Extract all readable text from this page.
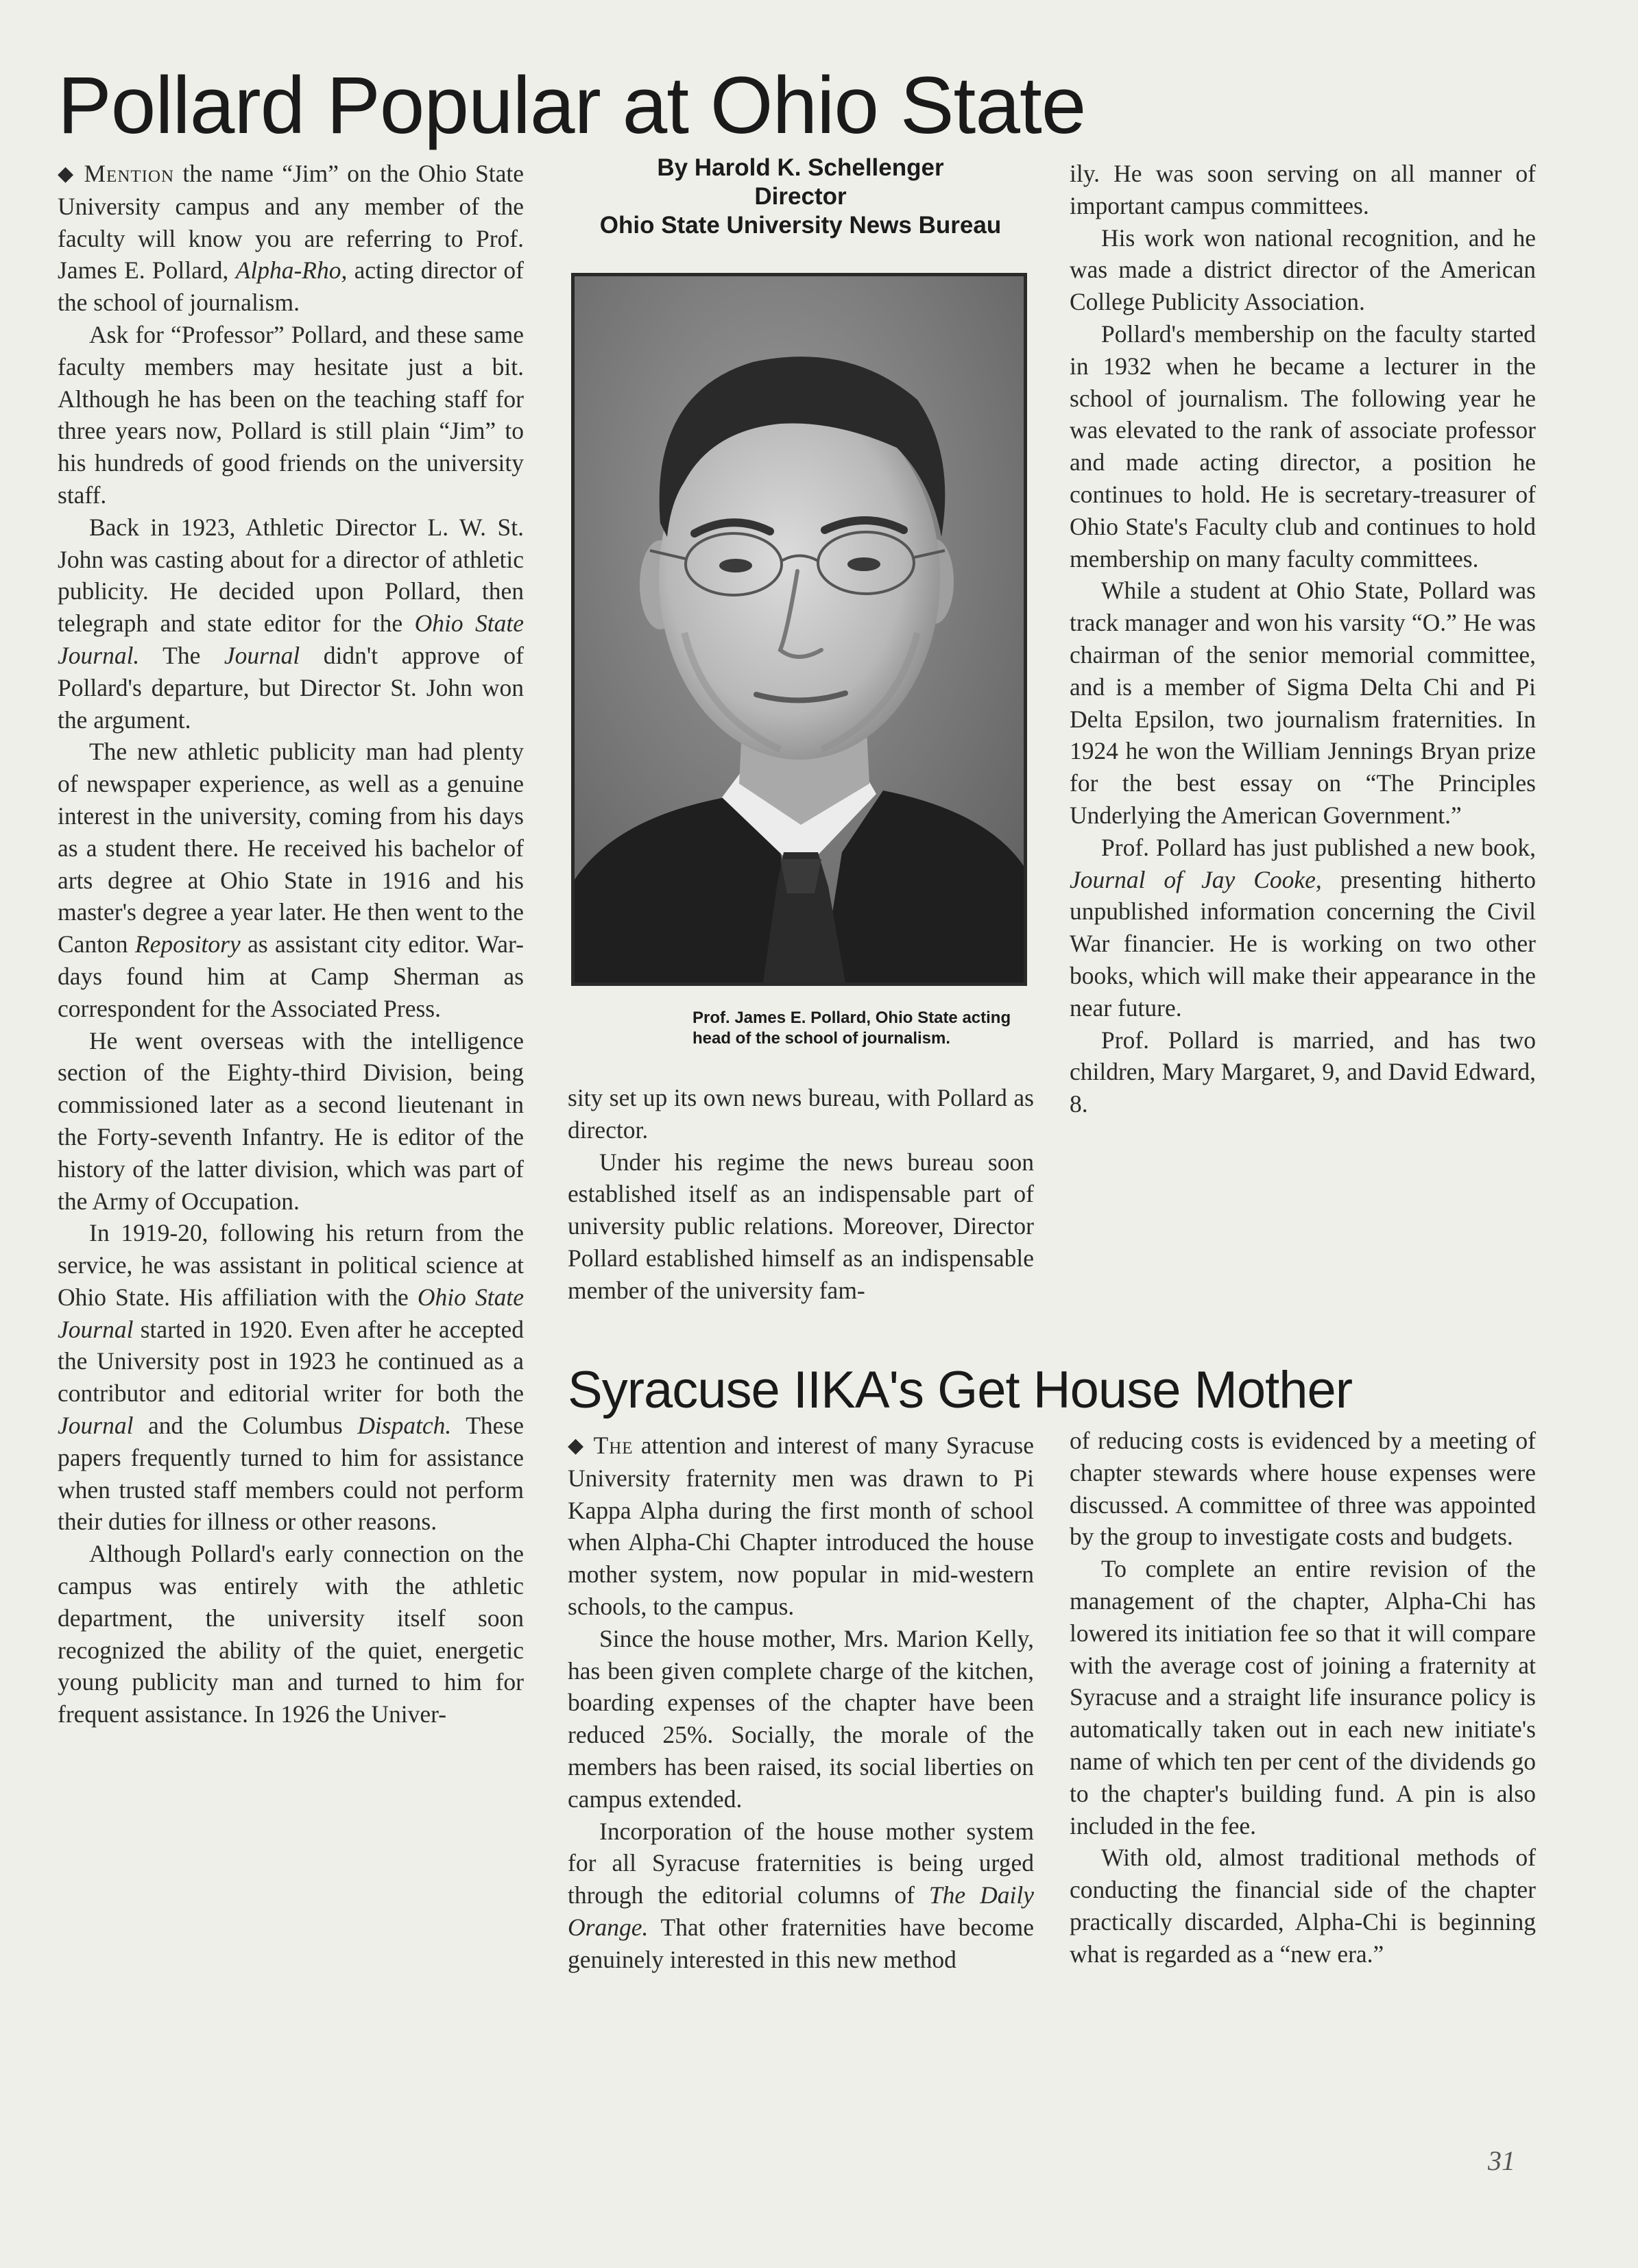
Pollard Popular at Ohio State

◆ Mention the name “Jim” on the Ohio State University campus and any member of the faculty will know you are referring to Prof. James E. Pollard, Alpha-Rho, acting director of the school of journalism.

Ask for “Professor” Pollard, and these same faculty members may hesitate just a bit. Although he has been on the teaching staff for three years now, Pollard is still plain “Jim” to his hundreds of good friends on the university staff.

Back in 1923, Athletic Director L. W. St. John was casting about for a director of athletic publicity. He decided upon Pollard, then telegraph and state editor for the Ohio State Journal. The Journal didn't approve of Pollard's departure, but Director St. John won the argument.

The new athletic publicity man had plenty of newspaper experience, as well as a genuine interest in the university, coming from his days as a student there. He received his bachelor of arts degree at Ohio State in 1916 and his master's degree a year later. He then went to the Canton Repository as assistant city editor. War-days found him at Camp Sherman as correspondent for the Associated Press.

He went overseas with the intelligence section of the Eighty-third Division, being commissioned later as a second lieutenant in the Forty-seventh Infantry. He is editor of the history of the latter division, which was part of the Army of Occupation.

In 1919-20, following his return from the service, he was assistant in political science at Ohio State. His affiliation with the Ohio State Journal started in 1920. Even after he accepted the University post in 1923 he continued as a contributor and editorial writer for both the Journal and the Columbus Dispatch. These papers frequently turned to him for assistance when trusted staff members could not perform their duties for illness or other reasons.

Although Pollard's early connection on the campus was entirely with the athletic department, the university itself soon recognized the ability of the quiet, energetic young publicity man and turned to him for frequent assistance. In 1926 the Univer-

By Harold K. Schellenger
Director
Ohio State University News Bureau
Prof. James E. Pollard, Ohio State acting head of the school of journalism.

sity set up its own news bureau, with Pollard as director.

Under his regime the news bureau soon established itself as an indispensable part of university public relations. Moreover, Director Pollard established himself as an indispensable member of the university fam-

ily. He was soon serving on all manner of important campus committees.

His work won national recognition, and he was made a district director of the American College Publicity Association.

Pollard's membership on the faculty started in 1932 when he became a lecturer in the school of journalism. The following year he was elevated to the rank of associate professor and made acting director, a position he continues to hold. He is secretary-treasurer of Ohio State's Faculty club and continues to hold membership on many faculty committees.

While a student at Ohio State, Pollard was track manager and won his varsity “O.” He was chairman of the senior memorial committee, and is a member of Sigma Delta Chi and Pi Delta Epsilon, two journalism fraternities. In 1924 he won the William Jennings Bryan prize for the best essay on “The Principles Underlying the American Government.”

Prof. Pollard has just published a new book, Journal of Jay Cooke, presenting hitherto unpublished information concerning the Civil War financier. He is working on two other books, which will make their appearance in the near future.

Prof. Pollard is married, and has two children, Mary Margaret, 9, and David Edward, 8.

Syracuse IIKA's Get House Mother

◆ The attention and interest of many Syracuse University fraternity men was drawn to Pi Kappa Alpha during the first month of school when Alpha-Chi Chapter introduced the house mother system, now popular in mid-western schools, to the campus.

Since the house mother, Mrs. Marion Kelly, has been given complete charge of the kitchen, boarding expenses of the chapter have been reduced 25%. Socially, the morale of the members has been raised, its social liberties on campus extended.

Incorporation of the house mother system for all Syracuse fraternities is being urged through the editorial columns of The Daily Orange. That other fraternities have become genuinely interested in this new method

of reducing costs is evidenced by a meeting of chapter stewards where house expenses were discussed. A committee of three was appointed by the group to investigate costs and budgets.

To complete an entire revision of the management of the chapter, Alpha-Chi has lowered its initiation fee so that it will compare with the average cost of joining a fraternity at Syracuse and a straight life insurance policy is automatically taken out in each new initiate's name of which ten per cent of the dividends go to the chapter's building fund. A pin is also included in the fee.

With old, almost traditional methods of conducting the financial side of the chapter practically discarded, Alpha-Chi is beginning what is regarded as a “new era.”

31
